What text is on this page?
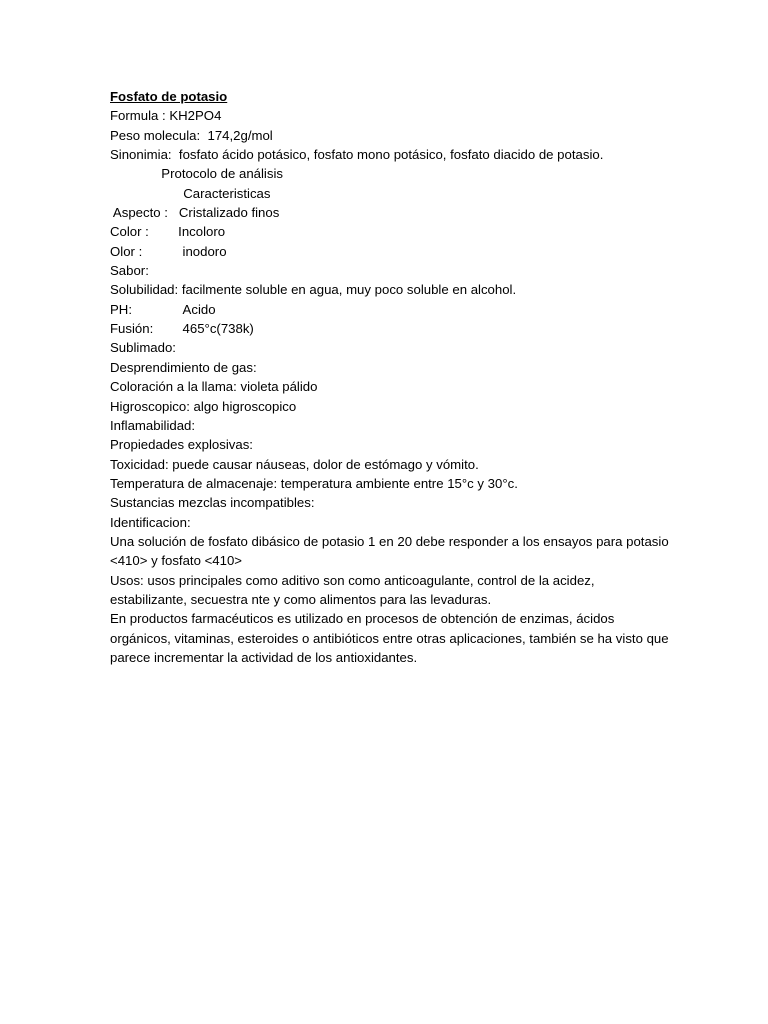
Fosfato de potasio
Formula : KH2PO4
Peso molecula:  174,2g/mol
Sinonimia:  fosfato ácido potásico, fosfato mono potásico, fosfato diacido de potasio.
Protocolo de análisis
Caracteristicas
Aspecto :   Cristalizado finos
Color :        Incoloro
Olor :           inodoro
Sabor:
Solubilidad: facilmente soluble en agua, muy poco soluble en alcohol.
PH:              Acido
Fusión:        465°c(738k)
Sublimado:
Desprendimiento de gas:
Coloración a la llama: violeta pálido
Higroscopico: algo higroscopico
Inflamabilidad:
Propiedades explosivas:
Toxicidad: puede causar náuseas, dolor de estómago y vómito.
Temperatura de almacenaje: temperatura ambiente entre 15°c y 30°c.
Sustancias mezclas incompatibles:
Identificacion:
Una solución de fosfato dibásico de potasio 1 en 20 debe responder a los ensayos para potasio <410> y fosfato <410>
Usos: usos principales como aditivo son como anticoagulante, control de la acidez, estabilizante, secuestra nte y como alimentos para las levaduras.
En productos farmacéuticos es utilizado en procesos de obtención de enzimas, ácidos orgánicos, vitaminas, esteroides o antibióticos entre otras aplicaciones, también se ha visto que parece incrementar la actividad de los antioxidantes.
